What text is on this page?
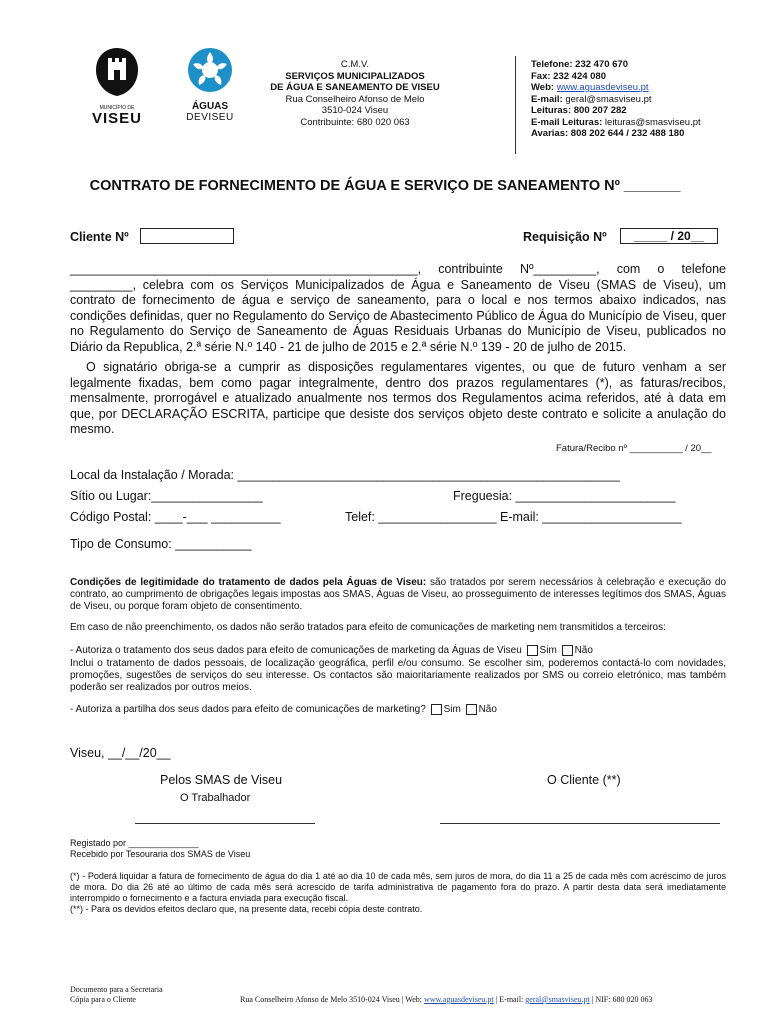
MUNICÍPIO DE
VISEU
ÁGUAS
DEVISEU
C.M.V.
SERVIÇOS MUNICIPALIZADOS
DE ÁGUA E SANEAMENTO DE VISEU
Rua Conselheiro Afonso de Melo
3510-024 Viseu
Contribuinte: 680 020 063
Telefone: 232 470 670
Fax: 232 424 080
Web: www.aguasdeviseu.pt
E-mail: geral@smasviseu.pt
Leituras: 800 207 282
E-mail Leituras: leituras@smasviseu.pt
Avarias: 808 202 644 / 232 488 180
CONTRATO DE FORNECIMENTO DE ÁGUA E SERVIÇO DE SANEAMENTO Nº _______
Cliente Nº	Requisição Nº	_____ / 20__
__________________________________________________, contribuinte Nº_________, com o telefone _________, celebra com os Serviços Municipalizados de Água e Saneamento de Viseu (SMAS de Viseu), um contrato de fornecimento de água e serviço de saneamento, para o local e nos termos abaixo indicados, nas condições definidas, quer no Regulamento do Serviço de Abastecimento Público de Água do Município de Viseu, quer no Regulamento do Serviço de Saneamento de Águas Residuais Urbanas do Município de Viseu, publicados no Diário da Republica, 2.ª série N.º 140 - 21 de julho de 2015 e 2.ª série N.º 139 - 20 de julho de 2015.
O signatário obriga-se a cumprir as disposições regulamentares vigentes, ou que de futuro venham a ser legalmente fixadas, bem como pagar integralmente, dentro dos prazos regulamentares (*), as faturas/recibos, mensalmente, prorrogável e atualizado anualmente nos termos dos Regulamentos acima referidos, até à data em que, por DECLARAÇÃO ESCRITA, participe que desiste dos serviços objeto deste contrato e solicite a anulação do mesmo.
Fatura/Recibo nº __________ / 20__
Local da Instalação / Morada: _______________________________________________________
Sítio ou Lugar:________________	Freguesia: _______________________
Código Postal: ____-___ __________	Telef: _________________ E-mail: ____________________
Tipo de Consumo: ___________
Condições de legitimidade do tratamento de dados pela Águas de Viseu: são tratados por serem necessários à celebração e execução do contrato, ao cumprimento de obrigações legais impostas aos SMAS, Águas de Viseu, ao prosseguimento de interesses legítimos dos SMAS, Águas de Viseu, ou porque foram objeto de consentimento.
Em caso de não preenchimento, os dados não serão tratados para efeito de comunicações de marketing nem transmitidos a terceiros:
- Autoriza o tratamento dos seus dados para efeito de comunicações de marketing da Águas de Viseu Sim Não
Inclui o tratamento de dados pessoais, de localização geográfica, perfil e/ou consumo. Se escolher sim, poderemos contactá-lo com novidades, promoções, sugestões de serviços do seu interesse. Os contactos são maioritariamente realizados por SMS ou correio eletrónico, mas também poderão ser realizados por outros meios.
- Autoriza a partilha dos seus dados para efeito de comunicações de marketing? Sim Não
Viseu, __/__/20__
Pelos SMAS de Viseu
O Trabalhador
O Cliente (**)
Registado por ______________
Recebido por Tesouraria dos SMAS de Viseu
(*) - Poderá liquidar a fatura de fornecimento de água do dia 1 até ao dia 10 de cada mês, sem juros de mora, do dia 11 a 25 de cada mês com acréscimo de juros de mora. Do dia 26 até ao último de cada mês será acrescido de tarifa administrativa de pagamento fora do prazo. A partir desta data será imediatamente interrompido o fornecimento e a factura enviada para execução fiscal.
(**) - Para os devidos efeitos declaro que, na presente data, recebi cópia deste contrato.
Documento para a Secretaria
Cópia para o Cliente	Rua Conselheiro Afonso de Melo 3510-024 Viseu | Web: www.aguasdeviseu.pt | E-mail: geral@smasviseu.pt | NIF: 680 020 063
